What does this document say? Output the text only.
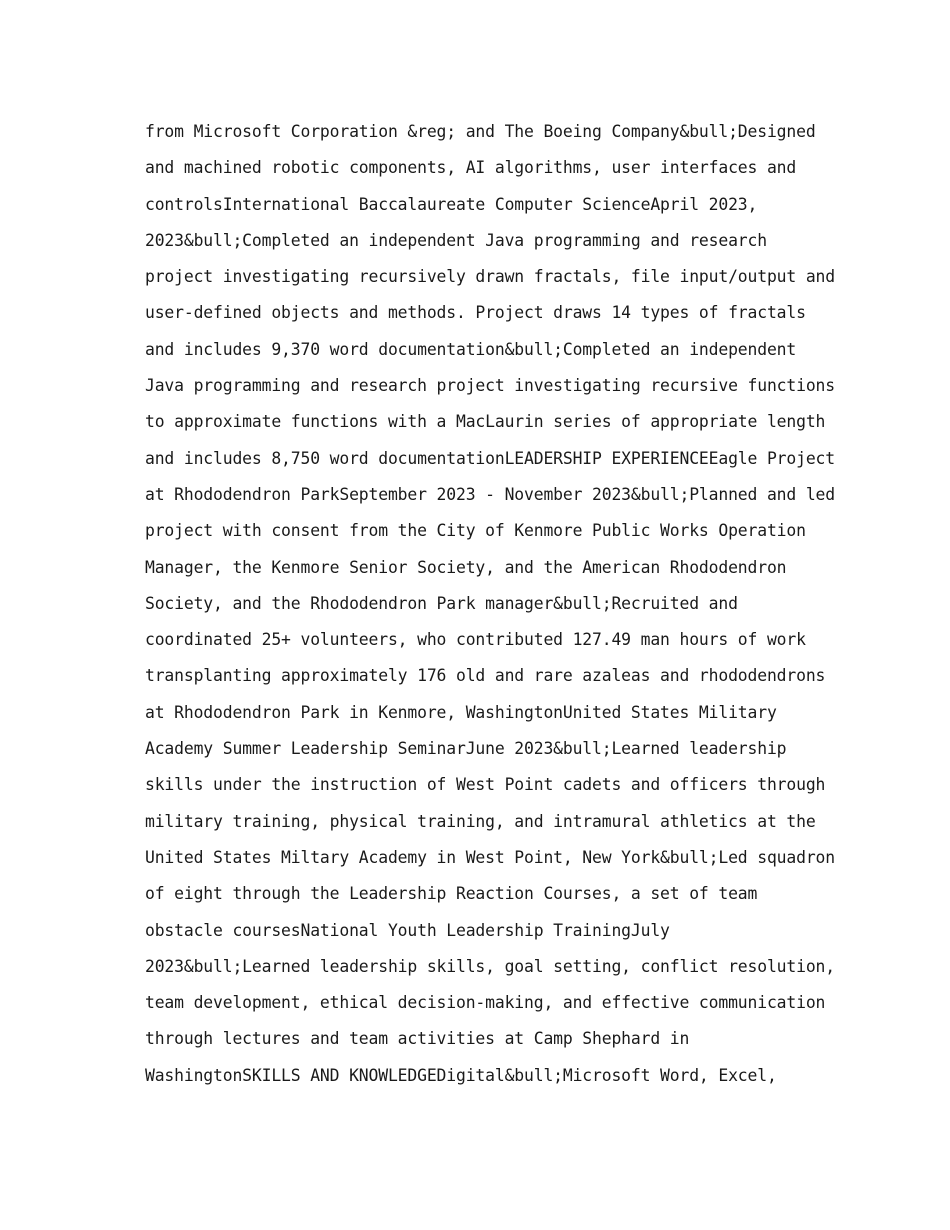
from Microsoft Corporation &reg; and The Boeing Company&bull;Designed
and machined robotic components, AI algorithms, user interfaces and
controlsInternational Baccalaureate Computer ScienceApril 2023,
2023&bull;Completed an independent Java programming and research
project investigating recursively drawn fractals, file input/output and
user-defined objects and methods. Project draws 14 types of fractals
and includes 9,370 word documentation&bull;Completed an independent
Java programming and research project investigating recursive functions
to approximate functions with a MacLaurin series of appropriate length
and includes 8,750 word documentationLEADERSHIP EXPERIENCEEagle Project
at Rhododendron ParkSeptember 2023 - November 2023&bull;Planned and led
project with consent from the City of Kenmore Public Works Operation
Manager, the Kenmore Senior Society, and the American Rhododendron
Society, and the Rhododendron Park manager&bull;Recruited and
coordinated 25+ volunteers, who contributed 127.49 man hours of work
transplanting approximately 176 old and rare azaleas and rhododendrons
at Rhododendron Park in Kenmore, WashingtonUnited States Military
Academy Summer Leadership SeminarJune 2023&bull;Learned leadership
skills under the instruction of West Point cadets and officers through
military training, physical training, and intramural athletics at the
United States Miltary Academy in West Point, New York&bull;Led squadron
of eight through the Leadership Reaction Courses, a set of team
obstacle coursesNational Youth Leadership TrainingJuly
2023&bull;Learned leadership skills, goal setting, conflict resolution,
team development, ethical decision-making, and effective communication
through lectures and team activities at Camp Shephard in
WashingtonSKILLS AND KNOWLEDGEDigital&bull;Microsoft Word, Excel,
